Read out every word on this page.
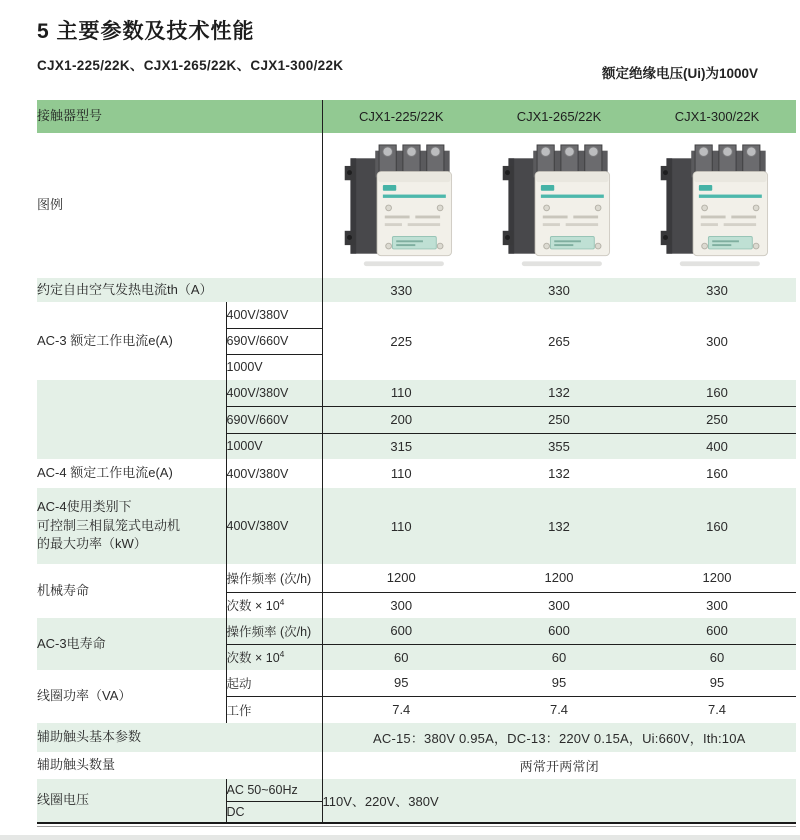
5 主要参数及技术性能
CJX1-225/22K、CJX1-265/22K、CJX1-300/22K
额定绝缘电压(Ui)为1000V
接触器型号		CJX1-225/22K	CJX1-265/22K	CJX1-300/22K
图例	

约定自由空气发热电流th（A）		330	330	330
AC-3 额定工作电流e(A)	400V/380V	225	265	300
	690V/660V			
	1000V			
	400V/380V	110	132	160
	690V/660V	200	250	250
	1000V	315	355	400
AC-4 额定工作电流e(A)	400V/380V	110	132	160

AC-4使用类别下
可控制三相鼠笼式电动机
的最大功率（kW）	400V/380V	110	132	160
机械寿命	操作频率 (次/h)	1200	1200	1200
	次数 × $10^4$	300	300	300
AC-3电寿命	操作频率 (次/h)	600	600	600
	次数 × $10^4$	60	60	60
线圈功率（VA）	起动	95	95	95
	工作	7.4	7.4	7.4
辅助触头基本参数		AC-15：380V 0.95A，DC-13：220V 0.15A，Ui:660V，Ith:10A		
辅助触头数量		两常开两常闭		
线圈电压	AC 50~60Hz	110V、220V、380V		
	DC			
